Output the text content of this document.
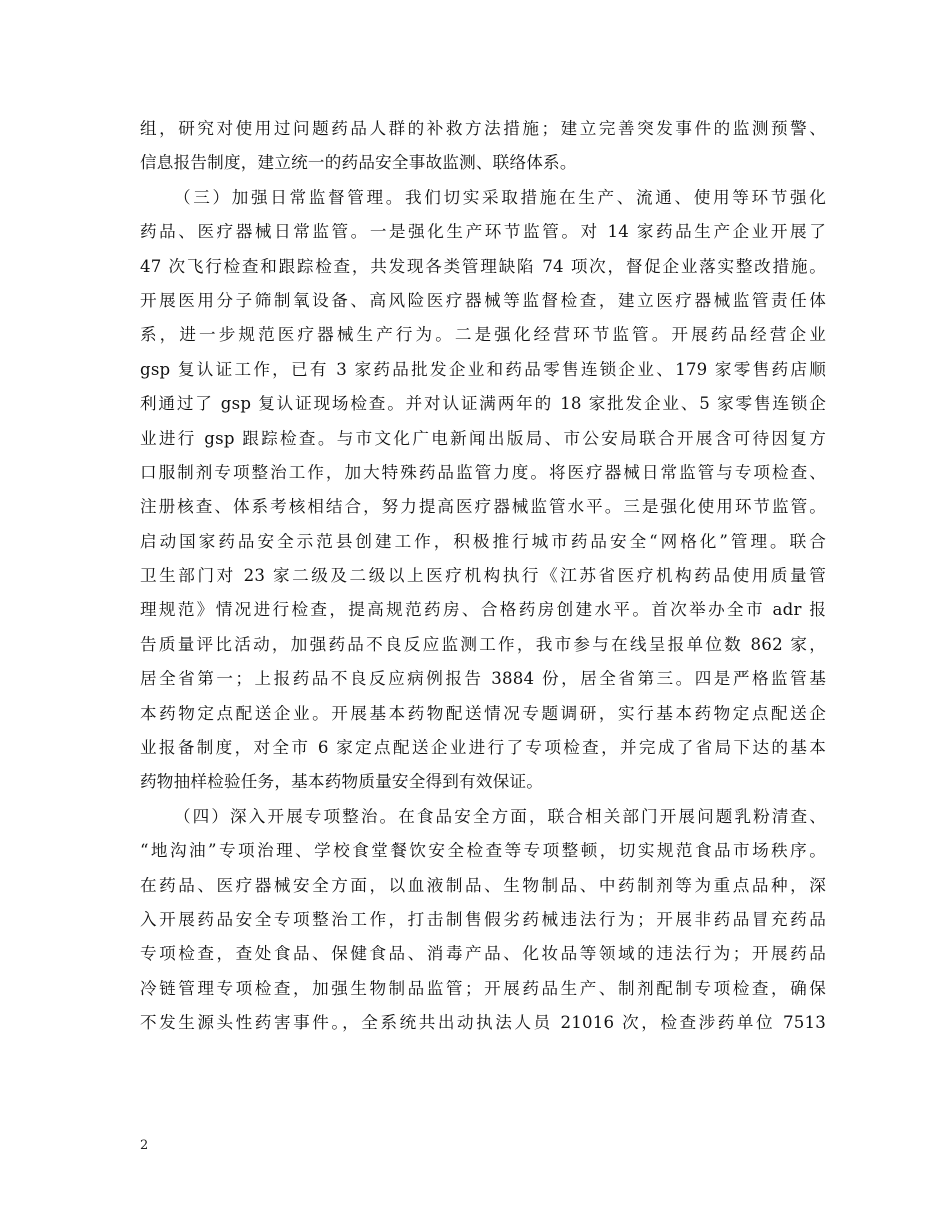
组，研究对使用过问题药品人群的补救方法措施；建立完善突发事件的监测预警、
信息报告制度，建立统一的药品安全事故监测、联络体系。
（三）加强日常监督管理。我们切实采取措施在生产、流通、使用等环节强化
药品、医疗器械日常监管。一是强化生产环节监管。对 14 家药品生产企业开展了
47 次飞行检查和跟踪检查，共发现各类管理缺陷 74 项次，督促企业落实整改措施。
开展医用分子筛制氧设备、高风险医疗器械等监督检查，建立医疗器械监管责任体
系，进一步规范医疗器械生产行为。二是强化经营环节监管。开展药品经营企业
gsp 复认证工作，已有 3 家药品批发企业和药品零售连锁企业、179 家零售药店顺
利通过了 gsp 复认证现场检查。并对认证满两年的 18 家批发企业、5 家零售连锁企
业进行 gsp 跟踪检查。与市文化广电新闻出版局、市公安局联合开展含可待因复方
口服制剂专项整治工作，加大特殊药品监管力度。将医疗器械日常监管与专项检查、
注册核查、体系考核相结合，努力提高医疗器械监管水平。三是强化使用环节监管。
启动国家药品安全示范县创建工作，积极推行城市药品安全“网格化”管理。联合
卫生部门对 23 家二级及二级以上医疗机构执行《江苏省医疗机构药品使用质量管
理规范》情况进行检查，提高规范药房、合格药房创建水平。首次举办全市 adr 报
告质量评比活动，加强药品不良反应监测工作，我市参与在线呈报单位数 862 家，
居全省第一；上报药品不良反应病例报告 3884 份，居全省第三。四是严格监管基
本药物定点配送企业。开展基本药物配送情况专题调研，实行基本药物定点配送企
业报备制度，对全市 6 家定点配送企业进行了专项检查，并完成了省局下达的基本
药物抽样检验任务，基本药物质量安全得到有效保证。
（四）深入开展专项整治。在食品安全方面，联合相关部门开展问题乳粉清查、
“地沟油”专项治理、学校食堂餐饮安全检查等专项整顿，切实规范食品市场秩序。
在药品、医疗器械安全方面，以血液制品、生物制品、中药制剂等为重点品种，深
入开展药品安全专项整治工作，打击制售假劣药械违法行为；开展非药品冒充药品
专项检查，查处食品、保健食品、消毒产品、化妆品等领域的违法行为；开展药品
冷链管理专项检查，加强生物制品监管；开展药品生产、制剂配制专项检查，确保
不发生源头性药害事件。，全系统共出动执法人员 21016 次，检查涉药单位 7513
2
